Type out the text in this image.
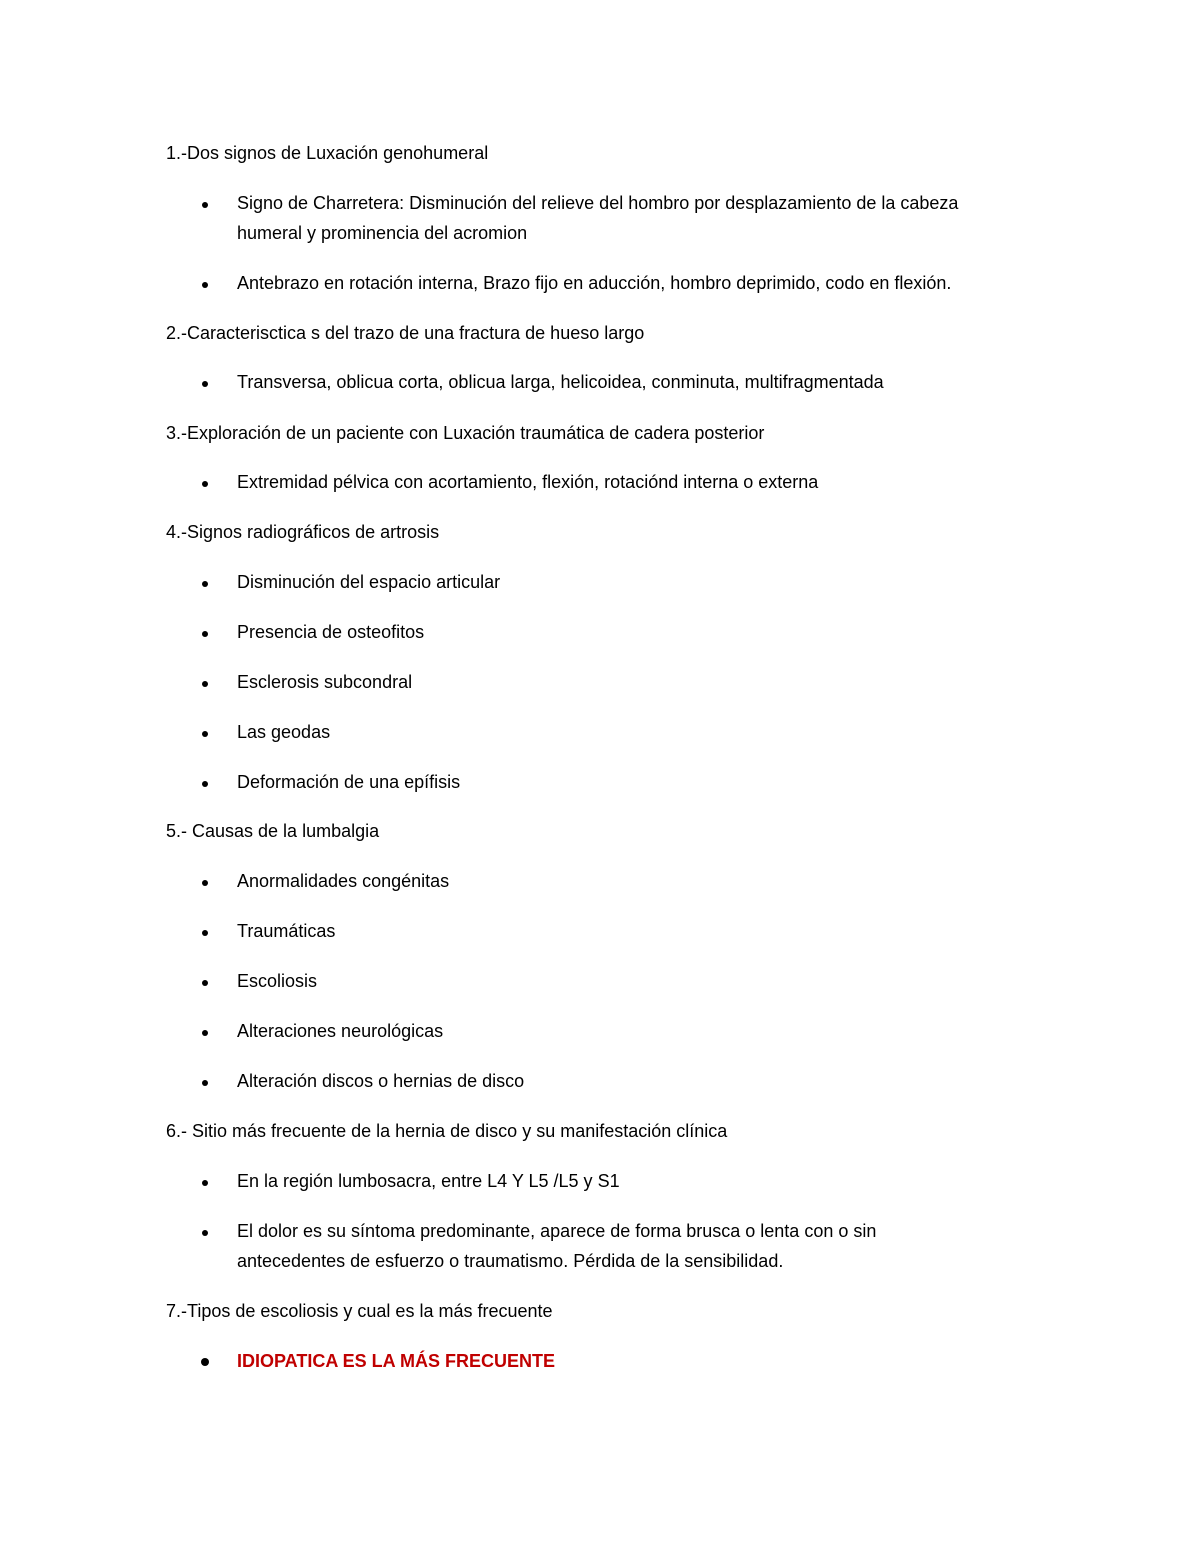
1.-Dos signos de Luxación genohumeral
Signo de Charretera: Disminución del relieve del hombro por desplazamiento de la cabeza
humeral y prominencia del acromion
Antebrazo en rotación interna, Brazo fijo en aducción, hombro deprimido, codo en flexión.
2.-Caracterisctica s del trazo de una fractura de hueso largo
Transversa, oblicua corta, oblicua larga, helicoidea, conminuta, multifragmentada
3.-Exploración de un paciente con Luxación traumática de cadera posterior
Extremidad pélvica con acortamiento, flexión, rotaciónd interna o externa
4.-Signos radiográficos de artrosis
Disminución del espacio articular
Presencia de osteofitos
Esclerosis subcondral
Las geodas
Deformación de una epífisis
5.- Causas de la lumbalgia
Anormalidades congénitas
Traumáticas
Escoliosis
Alteraciones neurológicas
Alteración discos o hernias de disco
6.- Sitio más frecuente de la hernia de disco y su manifestación clínica
En la región lumbosacra, entre L4 Y L5 /L5 y S1
El dolor es su síntoma predominante, aparece de forma brusca o lenta con o sin
antecedentes de esfuerzo o traumatismo. Pérdida de la sensibilidad.
7.-Tipos de escoliosis y cual es la más frecuente
IDIOPATICA ES LA MÁS FRECUENTE
